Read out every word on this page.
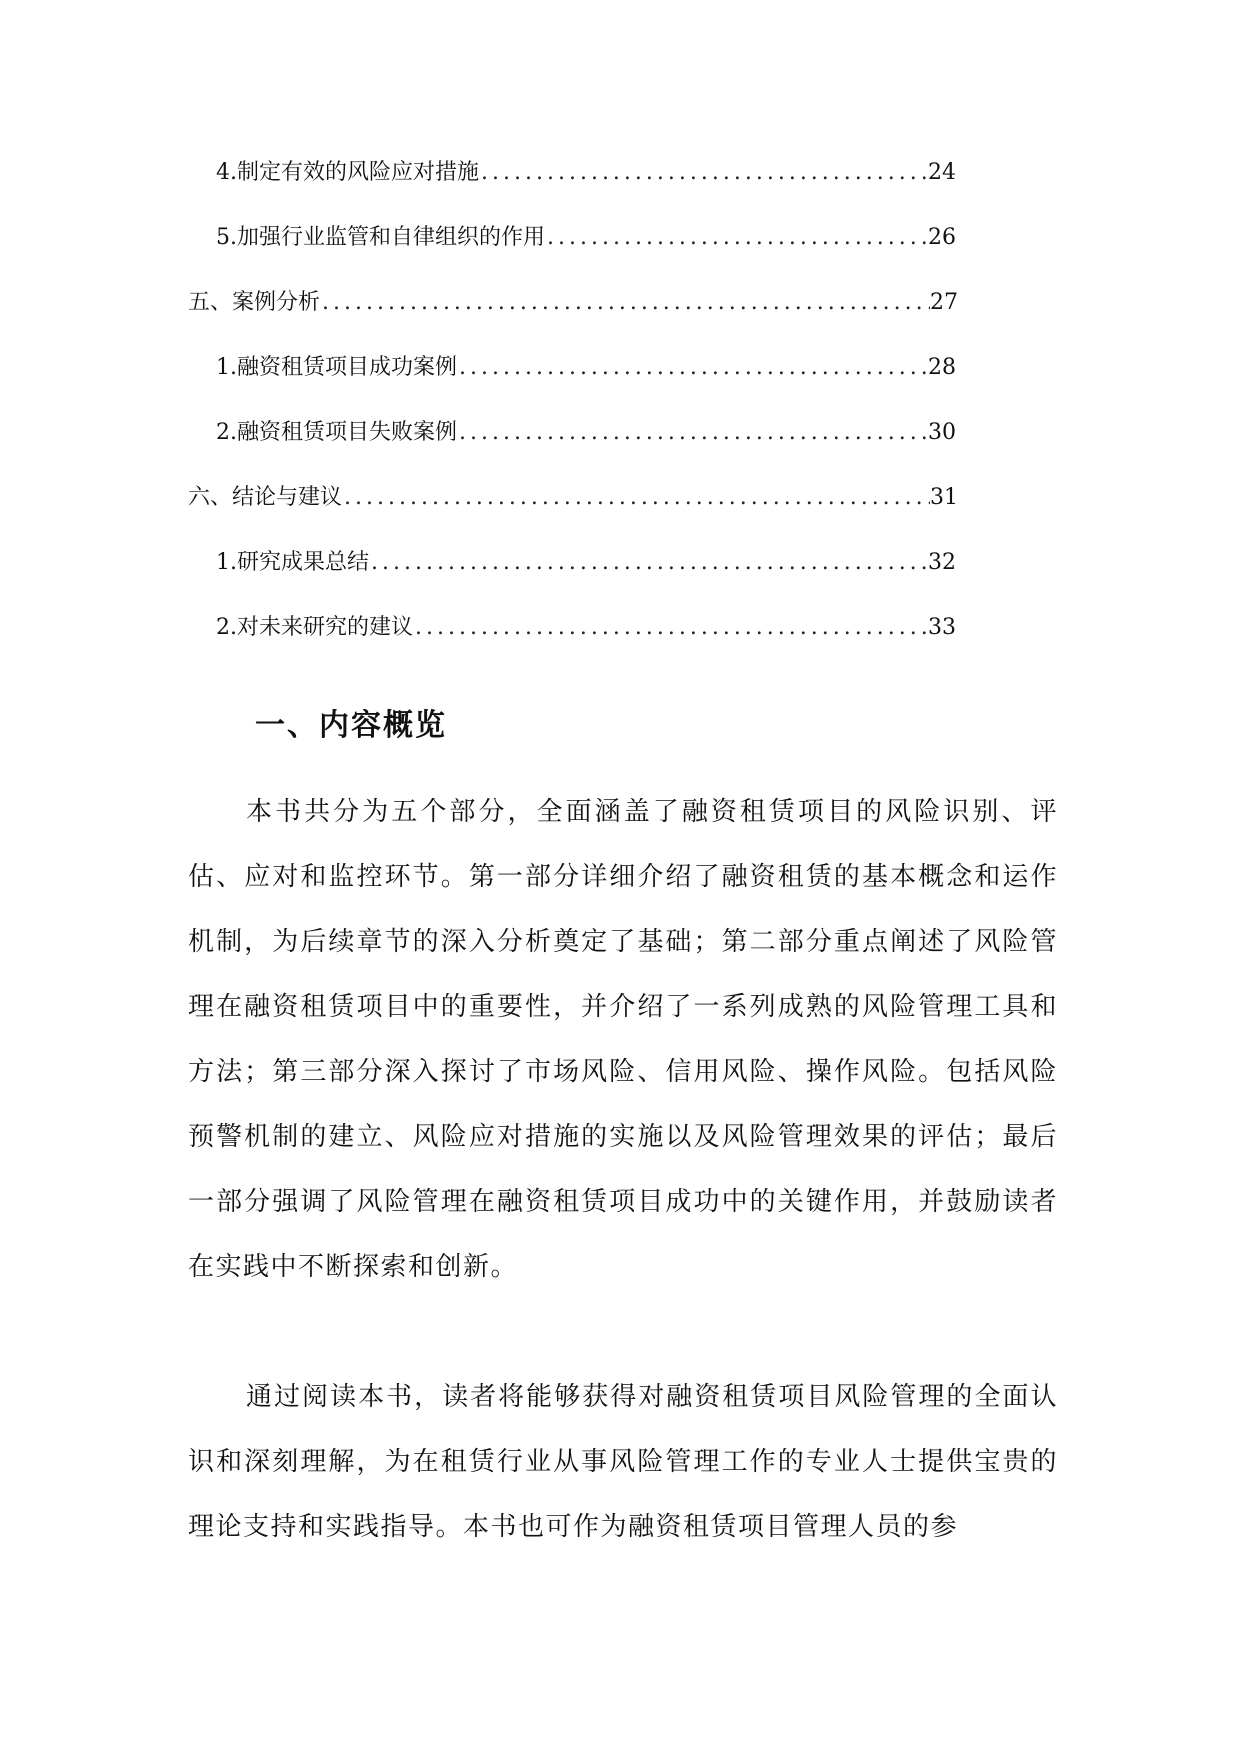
4. 制定有效的风险应对措施 .....	24
5. 加强行业监管和自律组织的作用 .....	26
五、案例分析 .....	27
1. 融资租赁项目成功案例 .....	28
2. 融资租赁项目失败案例 .....	30
六、结论与建议 .....	31
1. 研究成果总结 .....	32
2. 对未来研究的建议 .....	33
一、内容概览

本书共分为五个部分，全面涵盖了融资租赁项目的风险识别、评估、应对和监控环节。第一部分详细介绍了融资租赁的基本概念和运作机制，为后续章节的深入分析奠定了基础；第二部分重点阐述了风险管理在融资租赁项目中的重要性，并介绍了一系列成熟的风险管理工具和方法；第三部分深入探讨了市场风险、信用风险、操作风险。包括风险预警机制的建立、风险应对措施的实施以及风险管理效果的评估；最后一部分强调了风险管理在融资租赁项目成功中的关键作用，并鼓励读者在实践中不断探索和创新。

通过阅读本书，读者将能够获得对融资租赁项目风险管理的全面认识和深刻理解，为在租赁行业从事风险管理工作的专业人士提供宝贵的理论支持和实践指导。本书也可作为融资租赁项目管理人员的参
